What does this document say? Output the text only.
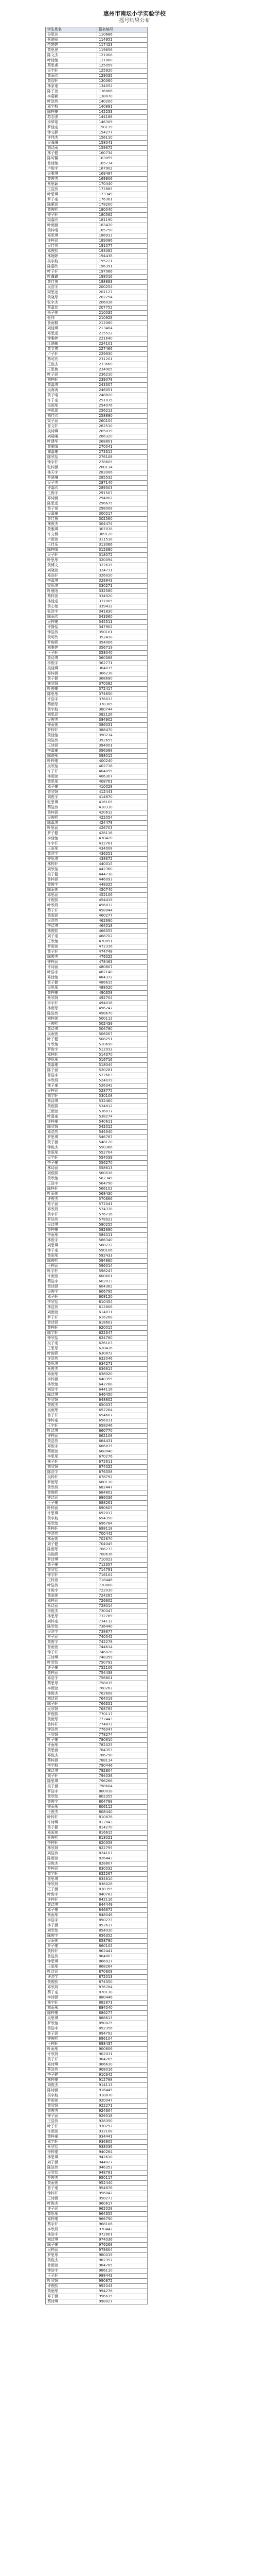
惠州市南坛小学实验学校
摇号结果公布
学生姓名	报名编号
吴思达	110686
蔡晓丽	114951
范婷婷	117423
黄思思	119656
陈文杰	121008
叶佳怡	121880
蔡思睿	125059
吴宇轩	125920
黄雨欣	129035
黄智轩	130060
林家豪	134052
陈子萱	136866
李嘉颖	138070
叶浩然	140200
邓宇航	140891
陈梓豪	142233
苏志强	144188
李梦瑶	146309
罗佳豪	150119
钟文静	154277
许伟杰	156110
吴海琳	158041
刘诗雨	159672
林子健	160734
陈可馨	163055
曾佳怡	165734
卢俊宇	167902
吴雅琪	169487
黄俊杰	169906
蔡思颖	170440
王浩然	172885
叶思琪	173349
罗子豪	176361
陈紫涵	178200
黄俊熙	180040
钟子轩	180562
梁嘉欣	181190
叶雨涵	183420
黄梓晴	185750
邓思琪	186913
许梓涵	189086
吴佳伟	191077
邓俊熙	193082
林婉婷	194438
吴宇航	195221
陈嘉欣	196391
叶子轩	197066
叶鑫鑫	198016
黄佳悦	198883
吴浩宇	200254
梁思远	201127
黄晓彤	202754
张宇杰	206036
蔡嘉怡	207752
朱子萱	210035
张伟	210928
曾雨桐	212080
刘佳琪	213404
邓思远	215522
钟雅婷	221640
江晓敏	224101
黄文博	227466
卢子轩	229930
蔡可欣	231201
王俊杰	233660
王思敏	234905
叶子涵	236210
刘梓轩	239078
黄嘉琪	243307
吴海涛	246051
黄子晴	248820
许子豪	251035
吴雨彤	254076
李思源	256213
刘佳欣	258890
梁子涵	260104
曾文轩	262510
吴诗琪	265019
刘晨曦	266320
叶建华	268801
黄紫晴	270041
谭嘉豪	273315
陈欣怡	276108
钟宇轩	278605
张梓涵	280114
林天宇	283006
罗晓琳	285532
吴子杰	287140
许嘉欣	289303
王俊宇	291507
邓诗涵	294002
陈思远	296675
黄子悦	298008
吴嘉豪	300217
曾佳慧	302560
林俊杰	304474
黄雅琪	307038
许文博	309120
卢雨萱	311518
王佳乐	313066
陈梓晴	315380
吴子轩	318072
叶思彤	320094
黄博文	322615
刘晓萱	324711
邓浩轩	326020
李嘉琪	328843
梁思琪	330271
叶晨阳	332580
蔡梓萱	334920
林佳豪	337005
黄心怡	339412
张浩宇	341830
陈雨欣	343360
吴梓豪	345511
许静怡	347902
钟浩然	350101
黄可欣	352418
罗俊熙	354006
刘雅婷	356719
王子轩	358040
曾诗琪	360388
李俊宇	362771
吴佳琪	364015
邓梓涵	366238
黄子健	368690
林欣妍	370082
叶俊豪	372417
陈思彤	374650
许浩宇	376013
蔡雨彤	378305
黄宇航	380744
刘思涵	382126
吴俊杰	384902
钟雨萱	386031
罗梓轩	388470
黄佳怡	390214
梁浩然	392655
王诗涵	394001
李嘉豪	396388
陈晓彤	398015
叶梓豪	400240
吴欣怡	402716
许子轩	404095
林雨萱	406307
黄思彤	408761
邓子豪	410028
曾欣妍	412443
刘俊宇	414870
张思琪	416105
蔡浩然	418330
黄梓涵	420612
吴俊熙	422054
陈嘉琪	424478
叶思涵	426703
罗子健	428116
李佳怡	430420
许宇轩	432761
王雨彤	434008
黄浩宇	436251
钟思琪	438672
林梓轩	440015
刘欣怡	442360
吴子健	444718
曾梓涵	446093
黄俊宇	448325
陈雨萱	450740
邓思涵	452106
许俊熙	454419
叶欣妍	456832
蔡子轩	458044
黄雨涵	460277
吴浩然	462690
李诗琪	464018
林俊熙	466355
刘子豪	468702
王欣怡	470091
罗雨萱	472316
黄子轩	474748
陈俊杰	476025
钟梓涵	478463
许诗涵	480807
叶浩宇	482140
邓佳怡	484372
曾子健	486615
吴思彤	488020
黄梓豪	490358
蔡欣妍	492704
李宇轩	494016
林雨彤	496247
陈浩然	498670
刘梓萱	500112
王俊熙	502439
黄诗琪	504780
吴雨萱	506007
叶子健	508251
许欣怡	510690
罗俊宇	512033
邓梓轩	514370
钟思彤	516716
黄嘉豪	518044
陈子涵	520281
曾浩宇	522603
李欣妍	524019
林子豪	526342
吴梓涵	528775
刘宇轩	530108
蔡诗琪	532460
黄俊熙	534812
王雨萱	536037
叶嘉豪	538274
许梓豪	540611
陈欣妍	542015
邓浩然	544340
罗思琪	546787
黄子涵	548120
钟俊杰	550366
曾雨彤	552704
吴宇轩	554039
李子豪	556270
林诗涵	558613
刘俊熙	560018
黄欣怡	562345
王浩宇	564790
陈梓轩	566102
叶雨萱	568430
许俊杰	570866
蔡子涵	572041
邓欣妍	574378
黄宇轩	576716
罗浩然	578023
吴诗琪	580255
曾梓豪	582680
李雨彤	584011
林俊宇	586340
刘思琪	588772
钟子豪	590106
黄雨彤	592433
陈俊熙	594860
王梓涵	596014
叶宇轩	598247
许雨萱	600601
蔡浩宇	602033
黄诗涵	604362
吴俊宇	606795
邓子轩	608120
李欣怡	610454
林浩然	612806
刘雨萱	614031
罗子轩	616268
曾诗涵	618603
黄梓轩	620015
陈宇轩	622347
钟欣怡	624780
吴子豪	626103
王思彤	628436
叶俊熙	630872
许浩然	632046
黄思琪	634271
蔡俊杰	636615
邓雨彤	638020
李梓涵	640355
林欣怡	642788
刘浩宇	644116
陈诗琪	646450
罗欣妍	648802
黄俊杰	650037
吴雨彤	652264
曾子轩	654607
钟梓豪	656011
王宇轩	658346
叶诗琪	660770
许梓涵	662108
黄浩然	664431
邓俊宇	666875
蔡雨萱	668040
李思彤	670276
林子轩	672611
刘欣妍	674025
陈浩宇	676358
吴梓轩	678792
罗雨彤	680110
黄欣妍	682447
曾俊熙	684803
钟诗涵	686036
王子豪	688261
叶梓涵	690605
许思琪	692017
黄宇航	694350
邓欣怡	696784
蔡梓轩	698118
李浩然	700442
林雨萱	702870
刘子健	704045
陈雨彤	706273
吴俊熙	708616
罗诗琪	710023
黄子豪	712357
曾欣怡	714791
钟宇轩	716104
王梓萱	718446
叶浩然	720808
许俊宇	722030
黄雨萱	724265
邓梓涵	726602
蔡诗涵	728014
李俊杰	730347
林思彤	732789
刘梓豪	734112
陈欣怡	736440
吴浩宇	738877
罗子涵	740042
黄俊宇	742278
曾雨萱	744614
钟子轩	746028
王诗琪	748359
叶欣怡	750793
许子豪	752106
黄梓涵	754438
邓浩宇	756801
蔡思彤	758035
李雨萱	760262
林俊杰	762608
刘诗涵	764019
陈子轩	766351
吴欣妍	768785
罗俊熙	770117
黄雨彤	772443
曾梓轩	774873
钟浩然	776047
王欣妍	778274
叶子豪	780610
许雨彤	782025
黄思涵	784353
邓俊杰	786798
蔡梓涵	788114
李宇航	790446
林诗琪	792804
刘子轩	794038
陈思琪	796266
吴子涵	798604
罗浩宇	800018
黄欣怡	802355
曾俊宇	804788
钟雨彤	806112
王俊杰	808440
叶梓轩	810876
许诗琪	812043
黄子健	814270
邓雨萱	816615
蔡俊熙	818021
李梓轩	820358
林欣妍	822795
刘浩然	824107
陈雨萱	826443
吴俊杰	828807
罗梓涵	830032
黄宇轩	832267
曾思琪	834610
钟欣妍	836026
王子涵	838355
叶俊宇	840783
许梓轩	842116
黄诗琪	844449
邓子豪	846872
蔡雨彤	848046
李浩宇	850273
林子涵	852617
刘欣怡	854030
陈俊宇	856352
吴雨萱	858790
罗子豪	860105
黄梓轩	862441
曾浩然	864803
钟思琪	866037
王雨彤	868264
叶诗涵	870608
许浩宇	872013
黄俊熙	874350
邓欣妍	876784
蔡子豪	878118
李诗涵	880446
林宇轩	882871
刘雨彤	884040
陈梓豪	886277
吴思琪	888613
罗欣怡	890025
黄浩宇	892356
曾子涵	894792
钟俊熙	896104
王梓轩	898437
叶雨彤	900806
许欣妍	902031
黄子轩	904265
邓诗琪	906610
蔡浩然	908016
李子健	910342
林梓豪	912788
刘俊杰	914113
陈诗涵	916445
吴宇航	918870
罗雨萱	920047
黄欣妍	922271
曾俊杰	924604
钟子涵	926018
王浩然	928350
叶子轩	930792
许雨萱	932108
黄梓豪	934441
邓宇轩	936805
蔡欣怡	938036
李梓豪	940264
林思琪	942610
刘子涵	944027
陈浩然	946353
吴欣怡	948781
罗俊杰	950117
黄雨萱	952440
曾子豪	954876
钟梓轩	956042
王诗涵	958273
叶俊杰	960617
许子涵	962028
黄思彤	964355
邓梓豪	966790
蔡宇轩	968106
李欣妍	970442
林浩宇	972801
刘诗琪	974036
陈子豪	976268
吴梓涵	978604
罗思彤	980019
黄俊杰	982357
曾雨萱	984785
钟浩宇	986110
王子轩	988443
叶欣妍	990872
许俊熙	992043
黄雨彤	994276
邓子涵	996615
蔡诗琪	998027
